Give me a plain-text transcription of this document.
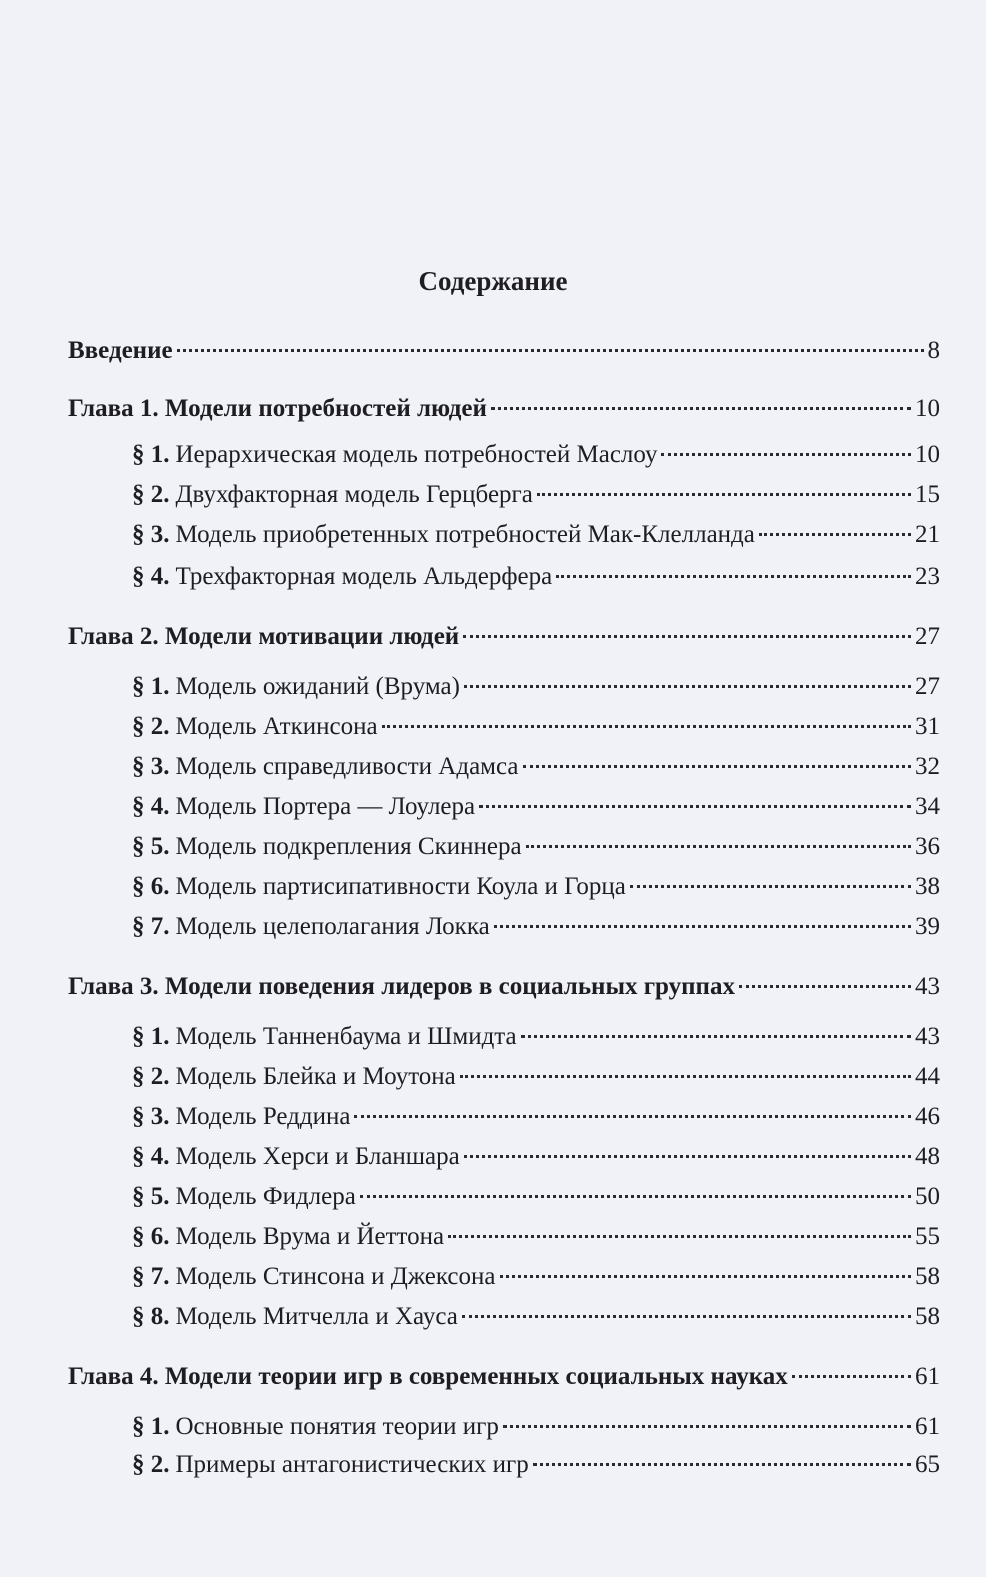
Содержание
Введение	8
Глава 1. Модели потребностей людей	10
§ 1. Иерархическая модель потребностей Маслоу	10
§ 2. Двухфакторная модель Герцберга	15
§ 3. Модель приобретенных потребностей Мак-Клелланда	21
§ 4. Трехфакторная модель Альдерфера	23
Глава 2. Модели мотивации людей	27
§ 1. Модель ожиданий (Врума)	27
§ 2. Модель Аткинсона	31
§ 3. Модель справедливости Адамса	32
§ 4. Модель Портера — Лоулера	34
§ 5. Модель подкрепления Скиннера	36
§ 6. Модель партисипативности Коула и Горца	38
§ 7. Модель целеполагания Локка	39
Глава 3. Модели поведения лидеров в социальных группах	43
§ 1. Модель Танненбаума и Шмидта	43
§ 2. Модель Блейка и Моутона	44
§ 3. Модель Реддина	46
§ 4. Модель Херси и Бланшара	48
§ 5. Модель Фидлера	50
§ 6. Модель Врума и Йеттона	55
§ 7. Модель Стинсона и Джексона	58
§ 8. Модель Митчелла и Хауса	58
Глава 4. Модели теории игр в современных социальных науках	61
§ 1. Основные понятия теории игр	61
§ 2. Примеры антагонистических игр	65
